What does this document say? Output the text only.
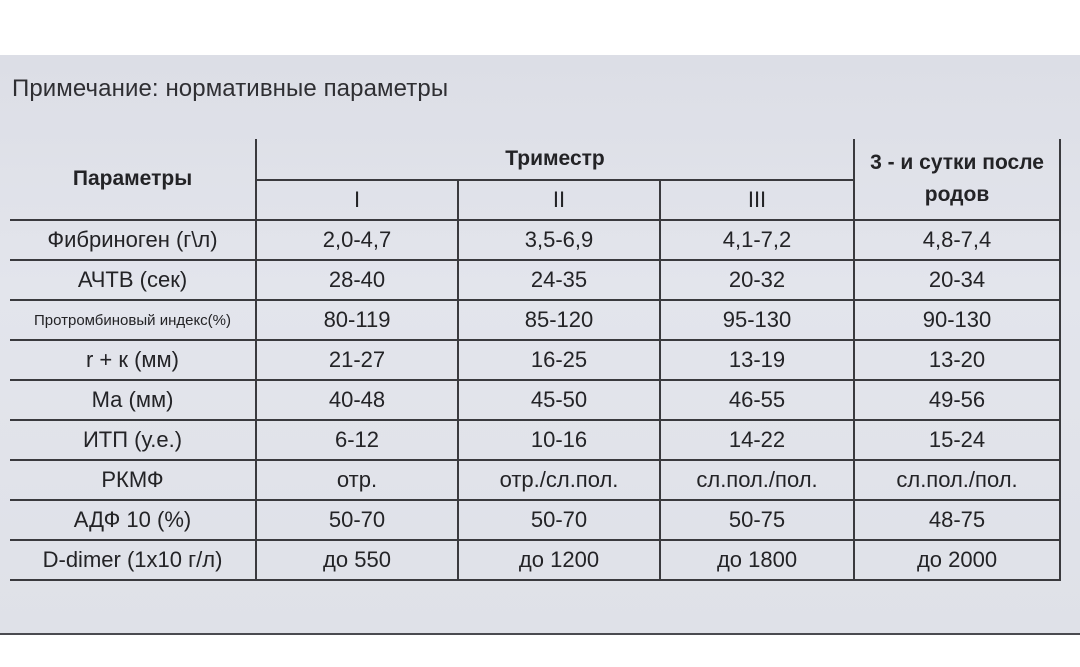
Примечание: нормативные параметры
Параметры	Триместр			3 - и сутки после родов
	I	II	III	
Фибриноген (г\л)	2,0-4,7	3,5-6,9	4,1-7,2	4,8-7,4
АЧТВ (сек)	28-40	24-35	20-32	20-34
Протромбиновый индекс(%)	80-119	85-120	95-130	90-130
r + к (мм)	21-27	16-25	13-19	13-20
Ма (мм)	40-48	45-50	46-55	49-56
ИТП (у.е.)	6-12	10-16	14-22	15-24
РКМФ	отр.	отр./сл.пол.	сл.пол./пол.	сл.пол./пол.
АДФ 10 (%)	50-70	50-70	50-75	48-75
D-dimer (1x10 г/л)	до 550	до 1200	до 1800	до 2000
